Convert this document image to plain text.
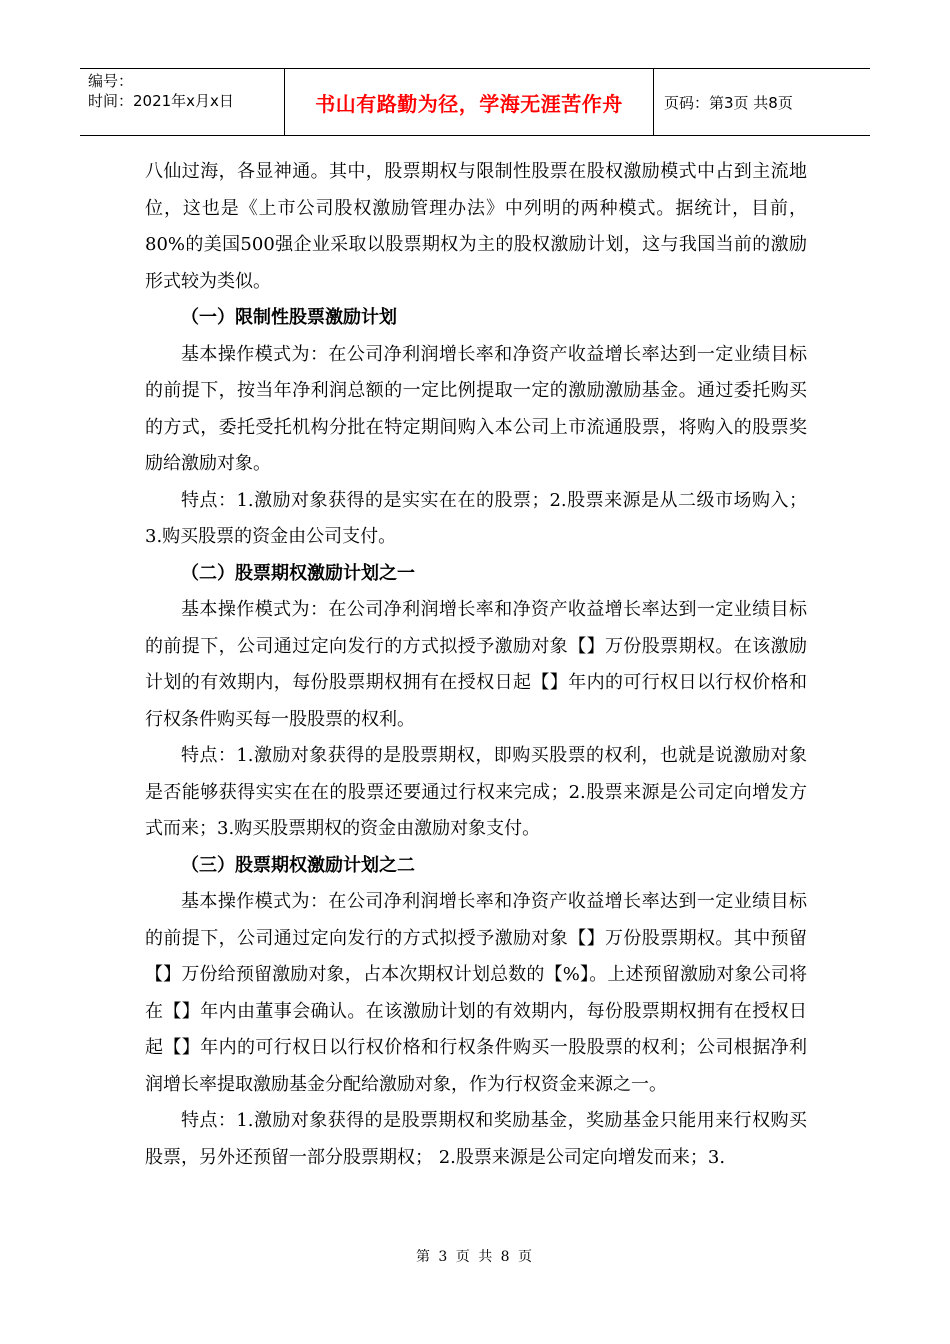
编号：
时间：2021年x月x日	书山有路勤为径，学海无涯苦作舟	页码：第3页 共8页

八仙过海，各显神通。其中，股票期权与限制性股票在股权激励模式中占到主流地位，这也是《上市公司股权激励管理办法》中列明的两种模式。据统计，目前，80%的美国500强企业采取以股票期权为主的股权激励计划，这与我国当前的激励形式较为类似。

（一）限制性股票激励计划

基本操作模式为：在公司净利润增长率和净资产收益增长率达到一定业绩目标的前提下，按当年净利润总额的一定比例提取一定的激励激励基金。通过委托购买的方式，委托受托机构分批在特定期间购入本公司上市流通股票，将购入的股票奖励给激励对象。

特点：1.激励对象获得的是实实在在的股票；2.股票来源是从二级市场购入；3.购买股票的资金由公司支付。

（二）股票期权激励计划之一

基本操作模式为：在公司净利润增长率和净资产收益增长率达到一定业绩目标的前提下，公司通过定向发行的方式拟授予激励对象【】万份股票期权。在该激励计划的有效期内，每份股票期权拥有在授权日起【】年内的可行权日以行权价格和行权条件购买每一股股票的权利。

特点：1.激励对象获得的是股票期权，即购买股票的权利，也就是说激励对象是否能够获得实实在在的股票还要通过行权来完成；2.股票来源是公司定向增发方式而来；3.购买股票期权的资金由激励对象支付。

（三）股票期权激励计划之二

基本操作模式为：在公司净利润增长率和净资产收益增长率达到一定业绩目标的前提下，公司通过定向发行的方式拟授予激励对象【】万份股票期权。其中预留【】万份给预留激励对象，占本次期权计划总数的【%】。上述预留激励对象公司将在【】年内由董事会确认。在该激励计划的有效期内，每份股票期权拥有在授权日起【】年内的可行权日以行权价格和行权条件购买一股股票的权利；公司根据净利润增长率提取激励基金分配给激励对象，作为行权资金来源之一。

特点：1.激励对象获得的是股票期权和奖励基金，奖励基金只能用来行权购买股票，另外还预留一部分股票期权； 2.股票来源是公司定向增发而来；3.

第 3 页 共 8 页
